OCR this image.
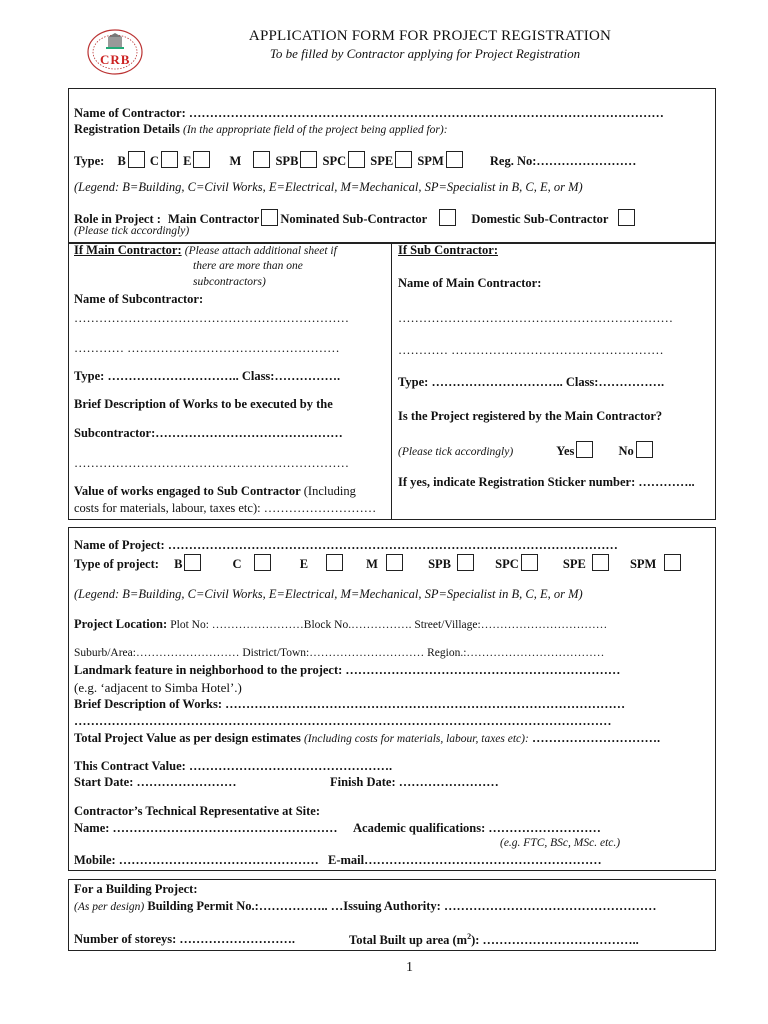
CRB
APPLICATION FORM FOR PROJECT REGISTRATION
To be filled by Contractor applying for Project Registration
Name of Contractor: ……………………………………………………………………………………………………
Registration Details (In the appropriate field of the project being applied for):
Type: B C E	M	SPB SPC SPE SPM	Reg. No:……………………
(Legend: B=Building, C=Civil Works, E=Electrical, M=Mechanical, SP=Specialist in B, C, E, or M)
Role in Project : Main Contractor Nominated Sub-Contractor	Domestic Sub-Contractor
(Please tick accordingly)
If Main Contractor: (Please attach additional sheet if
there are more than one
subcontractors)
Name of Subcontractor:
…………………………………………………………
………… ……………………………………………
Type: ………………………….. Class:…………….
Brief Description of Works to be executed by the
Subcontractor:………………………………………
…………………………………………………………
Value of works engaged to Sub Contractor (Including
costs for materials, labour, taxes etc): ………………………
If Sub Contractor:
Name of Main Contractor:
…………………………………………………………
………… ……………………………………………
Type: ………………………….. Class:…………….
Is the Project registered by the Main Contractor?
(Please tick accordingly)	Yes	No
If yes, indicate Registration Sticker number: …………..
Name of Project: ………………………………………………………………………………………………
Type of project: B	C	E	M	SPB	SPC	SPE	SPM
(Legend: B=Building, C=Civil Works, E=Electrical, M=Mechanical, SP=Specialist in B, C, E, or M)
Project Location: Plot No: ……………………Block No.……………. Street/Village:……………………………
Suburb/Area:……………………… District/Town:………………………… Region.:………………………………
Landmark feature in neighborhood to the project: …………………………………………………………
(e.g. ‘adjacent to Simba Hotel’.)
Brief Description of Works: ……………………………………………………………………………………
…………………………………………………………………………………………………………………
Total Project Value as per design estimates (Including costs for materials, labour, taxes etc): ………………………….
This Contract Value: ………………………………………….
Start Date: ……………………	Finish Date: ……………………
Contractor’s Technical Representative at Site:
Name: ……………………………………………… Academic qualifications: ………………………
(e.g. FTC, BSc, MSc. etc.)
Mobile: ………………………………………… E-mail…………………………………………………
For a Building Project:
(As per design) Building Permit No.:…………….. …Issuing Authority: ……………………………………………
Number of storeys: ……………………….	Total Built up area $(m^2)$: ………………………………..
1
